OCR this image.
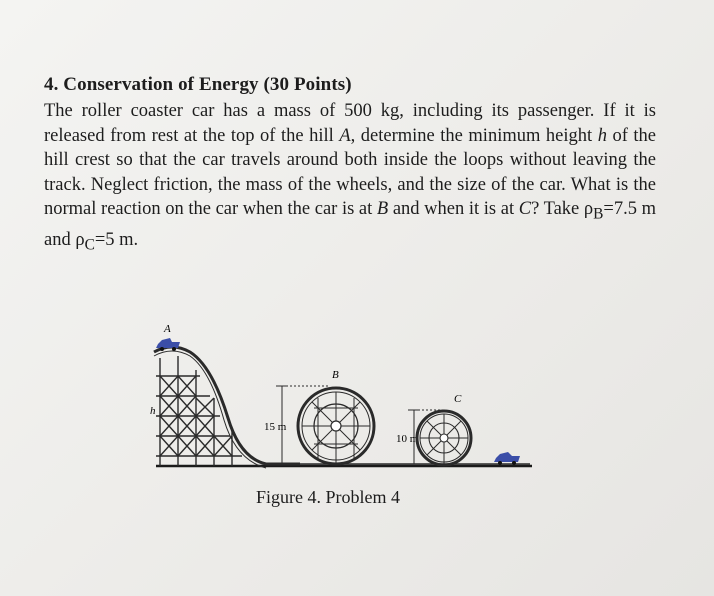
4. Conservation of Energy (30 Points)

The roller coaster car has a mass of 500 kg, including its passenger. If it is released from rest at the top of the hill A, determine the minimum height h of the hill crest so that the car travels around both inside the loops without leaving the track. Neglect friction, the mass of the wheels, and the size of the car. What is the normal reaction on the car when the car is at B and when it is at C? Take $\rho_B=7.5$ m and $\rho_C=5$ m.

A
h
15 m
B
10 m
C

Figure 4. Problem 4
